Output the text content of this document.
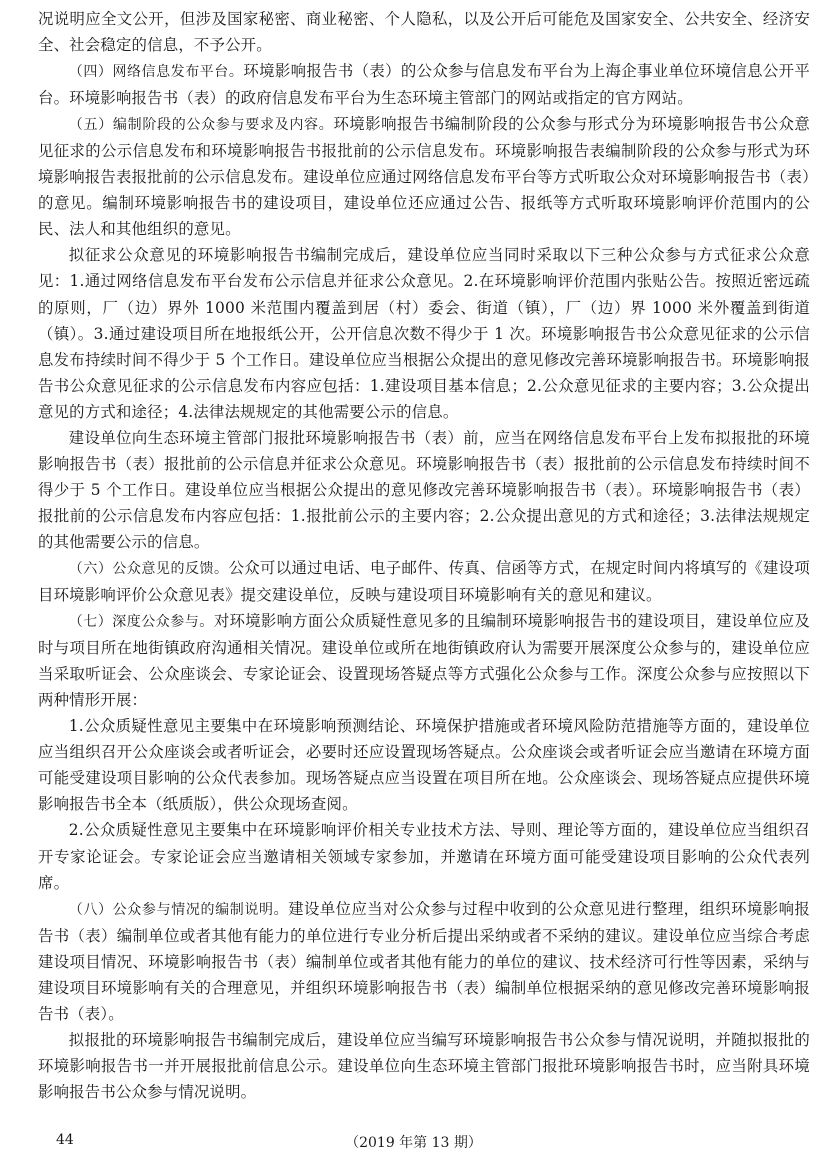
况说明应全文公开，但涉及国家秘密、商业秘密、个人隐私，以及公开后可能危及国家安全、公共安全、经济安全、社会稳定的信息，不予公开。

（四）网络信息发布平台。环境影响报告书（表）的公众参与信息发布平台为上海企事业单位环境信息公开平台。环境影响报告书（表）的政府信息发布平台为生态环境主管部门的网站或指定的官方网站。

（五）编制阶段的公众参与要求及内容。环境影响报告书编制阶段的公众参与形式分为环境影响报告书公众意见征求的公示信息发布和环境影响报告书报批前的公示信息发布。环境影响报告表编制阶段的公众参与形式为环境影响报告表报批前的公示信息发布。建设单位应通过网络信息发布平台等方式听取公众对环境影响报告书（表）的意见。编制环境影响报告书的建设项目，建设单位还应通过公告、报纸等方式听取环境影响评价范围内的公民、法人和其他组织的意见。

拟征求公众意见的环境影响报告书编制完成后，建设单位应当同时采取以下三种公众参与方式征求公众意见：1.通过网络信息发布平台发布公示信息并征求公众意见。2.在环境影响评价范围内张贴公告。按照近密远疏的原则，厂（边）界外 1000 米范围内覆盖到居（村）委会、街道（镇），厂（边）界 1000 米外覆盖到街道（镇）。3.通过建设项目所在地报纸公开，公开信息次数不得少于 1 次。环境影响报告书公众意见征求的公示信息发布持续时间不得少于 5 个工作日。建设单位应当根据公众提出的意见修改完善环境影响报告书。环境影响报告书公众意见征求的公示信息发布内容应包括：1.建设项目基本信息；2.公众意见征求的主要内容；3.公众提出意见的方式和途径；4.法律法规规定的其他需要公示的信息。

建设单位向生态环境主管部门报批环境影响报告书（表）前，应当在网络信息发布平台上发布拟报批的环境影响报告书（表）报批前的公示信息并征求公众意见。环境影响报告书（表）报批前的公示信息发布持续时间不得少于 5 个工作日。建设单位应当根据公众提出的意见修改完善环境影响报告书（表）。环境影响报告书（表）报批前的公示信息发布内容应包括：1.报批前公示的主要内容；2.公众提出意见的方式和途径；3.法律法规规定的其他需要公示的信息。

（六）公众意见的反馈。公众可以通过电话、电子邮件、传真、信函等方式，在规定时间内将填写的《建设项目环境影响评价公众意见表》提交建设单位，反映与建设项目环境影响有关的意见和建议。

（七）深度公众参与。对环境影响方面公众质疑性意见多的且编制环境影响报告书的建设项目，建设单位应及时与项目所在地街镇政府沟通相关情况。建设单位或所在地街镇政府认为需要开展深度公众参与的，建设单位应当采取听证会、公众座谈会、专家论证会、设置现场答疑点等方式强化公众参与工作。深度公众参与应按照以下两种情形开展：

1.公众质疑性意见主要集中在环境影响预测结论、环境保护措施或者环境风险防范措施等方面的，建设单位应当组织召开公众座谈会或者听证会，必要时还应设置现场答疑点。公众座谈会或者听证会应当邀请在环境方面可能受建设项目影响的公众代表参加。现场答疑点应当设置在项目所在地。公众座谈会、现场答疑点应提供环境影响报告书全本（纸质版），供公众现场查阅。

2.公众质疑性意见主要集中在环境影响评价相关专业技术方法、导则、理论等方面的，建设单位应当组织召开专家论证会。专家论证会应当邀请相关领域专家参加，并邀请在环境方面可能受建设项目影响的公众代表列席。

（八）公众参与情况的编制说明。建设单位应当对公众参与过程中收到的公众意见进行整理，组织环境影响报告书（表）编制单位或者其他有能力的单位进行专业分析后提出采纳或者不采纳的建议。建设单位应当综合考虑建设项目情况、环境影响报告书（表）编制单位或者其他有能力的单位的建议、技术经济可行性等因素，采纳与建设项目环境影响有关的合理意见，并组织环境影响报告书（表）编制单位根据采纳的意见修改完善环境影响报告书（表）。

拟报批的环境影响报告书编制完成后，建设单位应当编写环境影响报告书公众参与情况说明，并随拟报批的环境影响报告书一并开展报批前信息公示。建设单位向生态环境主管部门报批环境影响报告书时，应当附具环境影响报告书公众参与情况说明。

44	（2019 年第 13 期）
